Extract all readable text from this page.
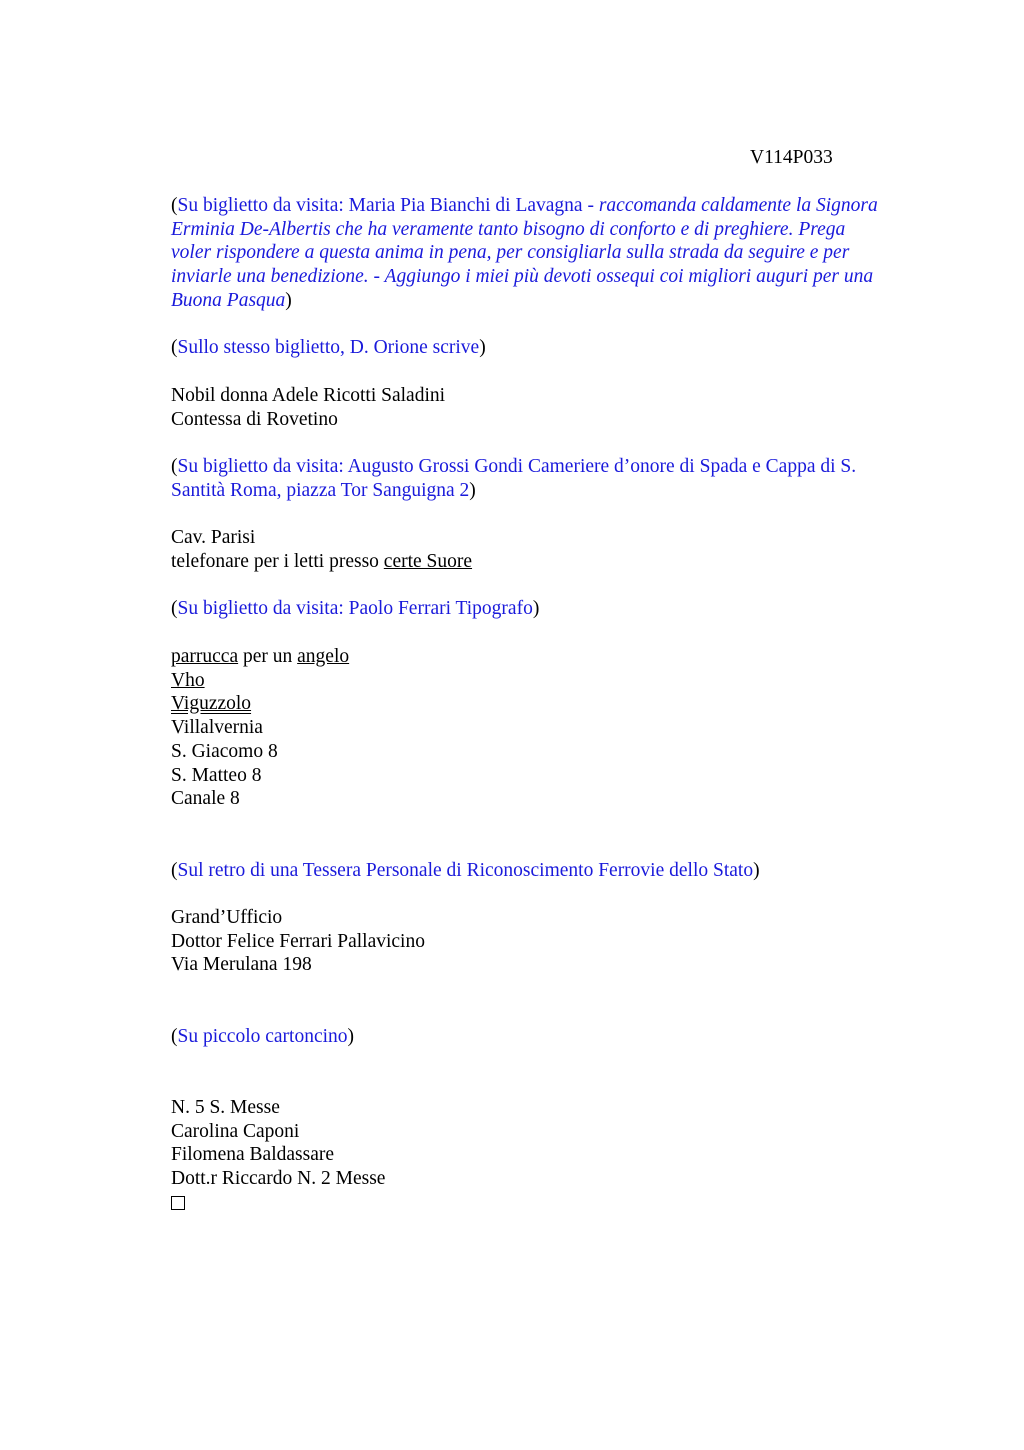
V114P033
(Su biglietto da visita: Maria Pia Bianchi di Lavagna - raccomanda caldamente la Signora
Erminia De-Albertis che ha veramente tanto bisogno di conforto e di preghiere. Prega
voler rispondere a questa anima in pena, per consigliarla sulla strada da seguire e per
inviarle una benedizione. - Aggiungo i miei più devoti ossequi coi migliori auguri per una
Buona Pasqua)
(Sullo stesso biglietto, D. Orione scrive)
Nobil donna Adele Ricotti Saladini
Contessa di Rovetino
(Su biglietto da visita: Augusto Grossi Gondi Cameriere d’onore di Spada e Cappa di S.
Santità Roma, piazza Tor Sanguigna 2)
Cav. Parisi
telefonare per i letti presso certe Suore
(Su biglietto da visita: Paolo Ferrari Tipografo)
parrucca per un angelo
Vho
Viguzzolo
Villalvernia
S. Giacomo 8
S. Matteo 8
Canale 8
(Sul retro di una Tessera Personale di Riconoscimento Ferrovie dello Stato)
Grand’Ufficio
Dottor Felice Ferrari Pallavicino
Via Merulana 198
(Su piccolo cartoncino)
N. 5 S. Messe
Carolina Caponi
Filomena Baldassare
Dott.r Riccardo N. 2 Messe
